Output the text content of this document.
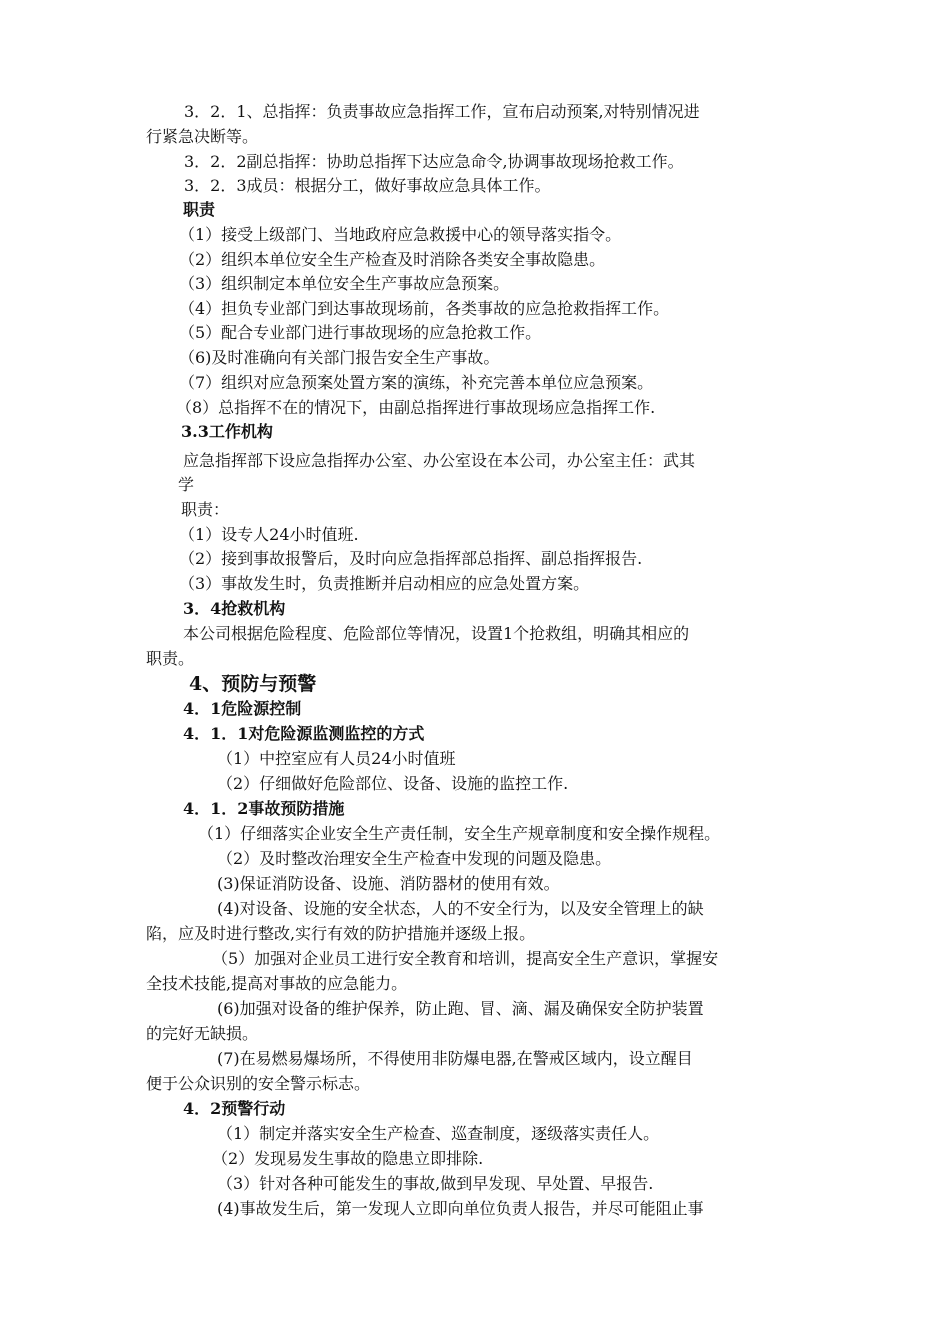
3．2．1、总指挥：负责事故应急指挥工作，宣布启动预案,对特别情况进
行紧急决断等。
3．2．2副总指挥：协助总指挥下达应急命令,协调事故现场抢救工作。
3．2．3成员：根据分工，做好事故应急具体工作。
职责
（1）接受上级部门、当地政府应急救援中心的领导落实指令。
（2）组织本单位安全生产检查及时消除各类安全事故隐患。
（3）组织制定本单位安全生产事故应急预案。
（4）担负专业部门到达事故现场前，各类事故的应急抢救指挥工作。
（5）配合专业部门进行事故现场的应急抢救工作。
（6)及时准确向有关部门报告安全生产事故。
（7）组织对应急预案处置方案的演练，补充完善本单位应急预案。
（8）总指挥不在的情况下，由副总指挥进行事故现场应急指挥工作.
3.3工作机构
应急指挥部下设应急指挥办公室、办公室设在本公司，办公室主任：武其
学
职责：
（1）设专人24小时值班.
（2）接到事故报警后，及时向应急指挥部总指挥、副总指挥报告.
（3）事故发生时，负责推断并启动相应的应急处置方案。
3．4抢救机构
本公司根据危险程度、危险部位等情况，设置1个抢救组，明确其相应的
职责。
4、预防与预警
4．1危险源控制
4．1．1对危险源监测监控的方式
（1）中控室应有人员24小时值班
（2）仔细做好危险部位、设备、设施的监控工作.
4．1．2事故预防措施
（1）仔细落实企业安全生产责任制，安全生产规章制度和安全操作规程。
（2）及时整改治理安全生产检查中发现的问题及隐患。
(3)保证消防设备、设施、消防器材的使用有效。
(4)对设备、设施的安全状态，人的不安全行为，以及安全管理上的缺
陷，应及时进行整改,实行有效的防护措施并逐级上报。
（5）加强对企业员工进行安全教育和培训，提高安全生产意识，掌握安
全技术技能,提高对事故的应急能力。
(6)加强对设备的维护保养，防止跑、冒、滴、漏及确保安全防护装置
的完好无缺损。
(7)在易燃易爆场所，不得使用非防爆电器,在警戒区域内，设立醒目
便于公众识别的安全警示标志。
4．2预警行动
（1）制定并落实安全生产检查、巡查制度，逐级落实责任人。
（2）发现易发生事故的隐患立即排除.
（3）针对各种可能发生的事故,做到早发现、早处置、早报告.
(4)事故发生后，第一发现人立即向单位负责人报告，并尽可能阻止事
